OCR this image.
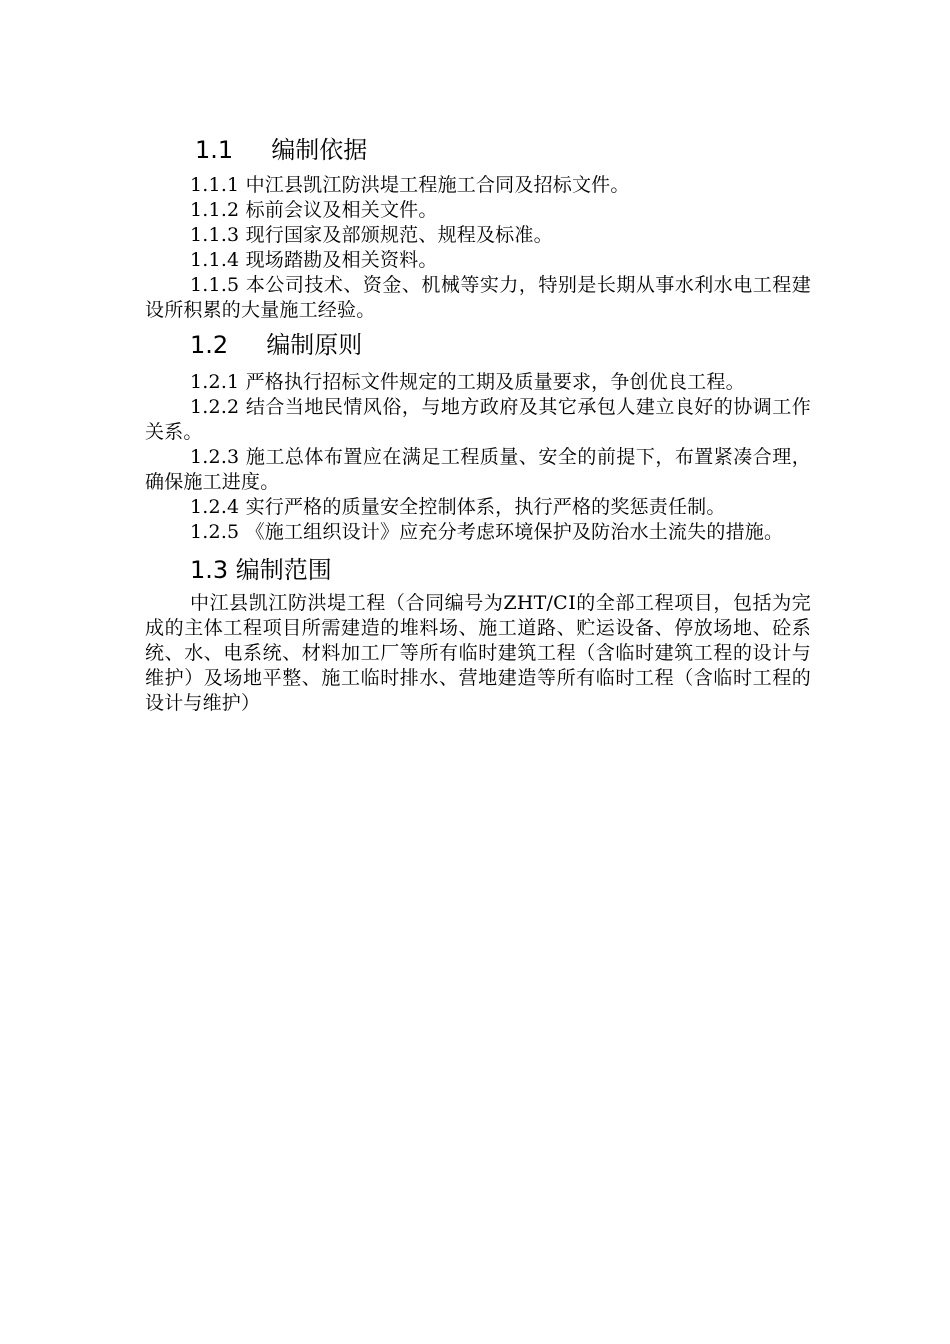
1.1     编制依据

1.1.1 中江县凯江防洪堤工程施工合同及招标文件。

1.1.2 标前会议及相关文件。

1.1.3 现行国家及部颁规范、规程及标准。

1.1.4 现场踏勘及相关资料。

1.1.5 本公司技术、资金、机械等实力，特别是长期从事水利水电工程建设所积累的大量施工经验。

1.2     编制原则

1.2.1 严格执行招标文件规定的工期及质量要求，争创优良工程。

1.2.2 结合当地民情风俗，与地方政府及其它承包人建立良好的协调工作关系。

1.2.3 施工总体布置应在满足工程质量、安全的前提下，布置紧凑合理，确保施工进度。

1.2.4 实行严格的质量安全控制体系，执行严格的奖惩责任制。

1.2.5 《施工组织设计》应充分考虑环境保护及防治水土流失的措施。

1.3 编制范围

中江县凯江防洪堤工程（合同编号为ZHT/CⅠ的全部工程项目，包括为完成的主体工程项目所需建造的堆料场、施工道路、贮运设备、停放场地、砼系统、水、电系统、材料加工厂等所有临时建筑工程（含临时建筑工程的设计与维护）及场地平整、施工临时排水、营地建造等所有临时工程（含临时工程的设计与维护）
